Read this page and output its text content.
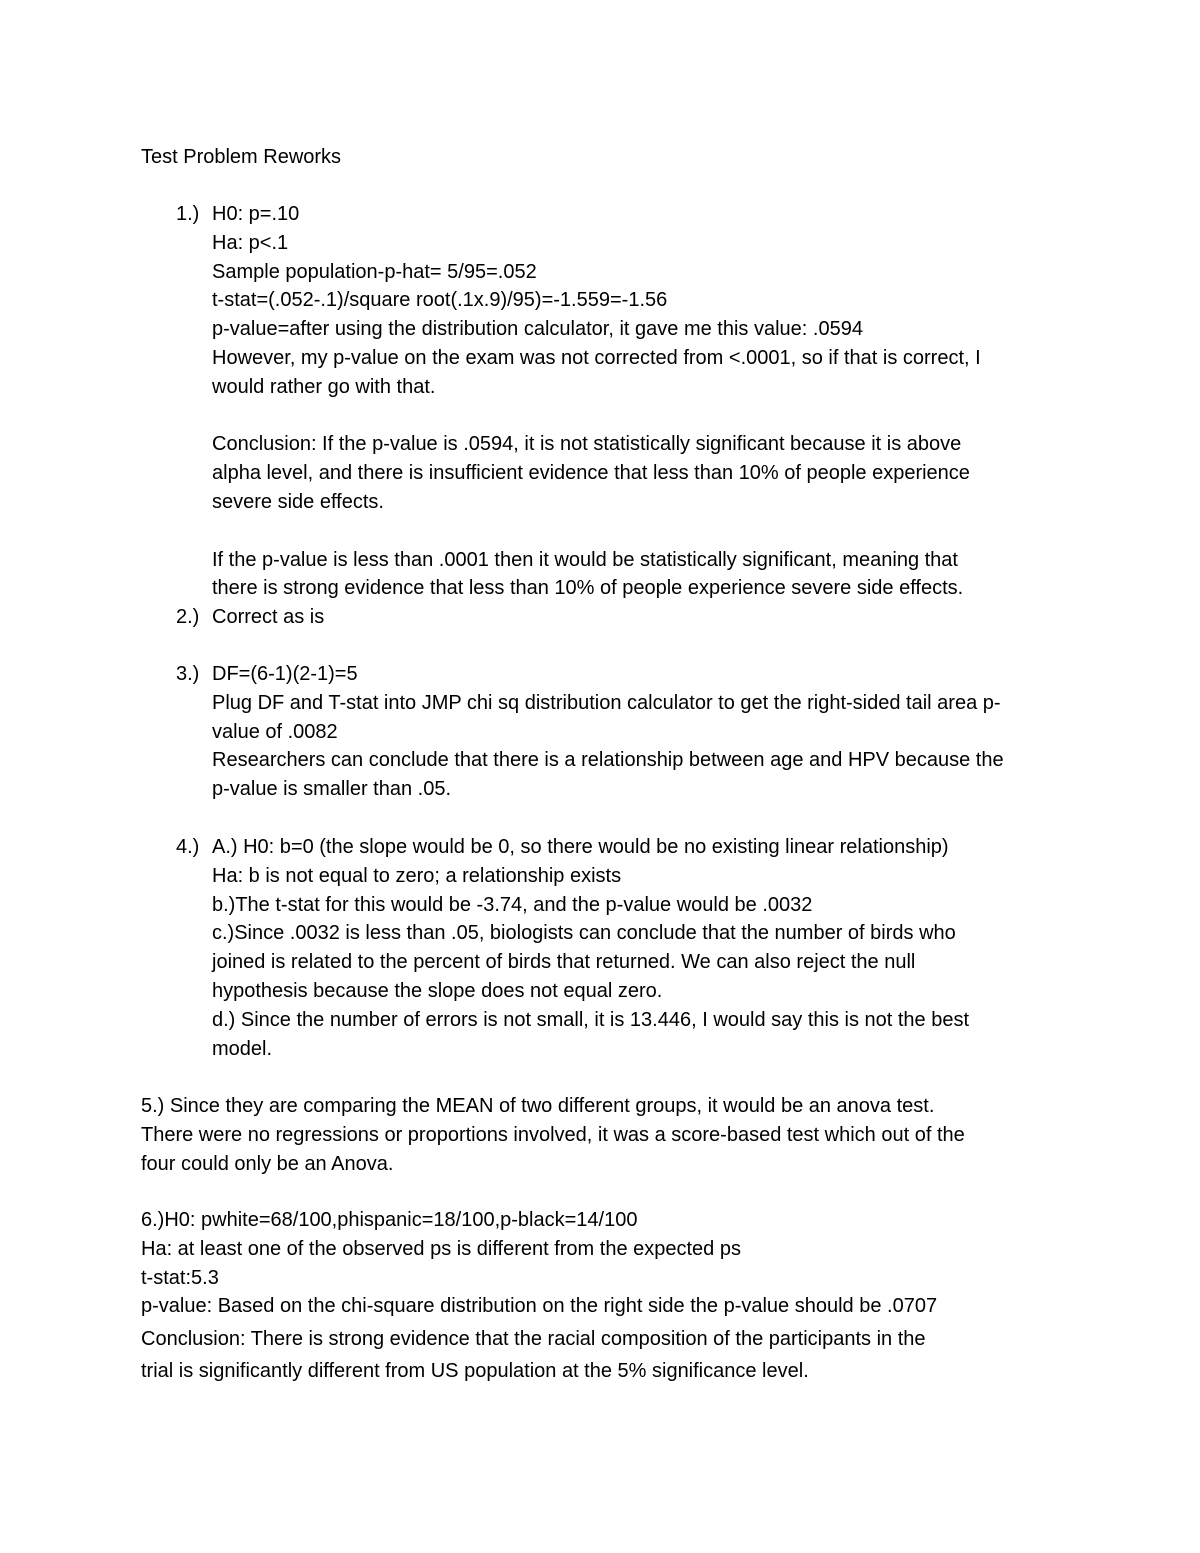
Test Problem Reworks
1.) H0: p=.10
Ha: p<.1
Sample population-p-hat= 5/95=.052
t-stat=(.052-.1)/square root(.1x.9)/95)=-1.559=-1.56
p-value=after using the distribution calculator, it gave me this value: .0594
However, my p-value on the exam was not corrected from <.0001, so if that is correct, I
would rather go with that.
Conclusion: If the p-value is .0594, it is not statistically significant because it is above
alpha level, and there is insufficient evidence that less than 10% of people experience
severe side effects.
If the p-value is less than .0001 then it would be statistically significant, meaning that
there is strong evidence that less than 10% of people experience severe side effects.
2.) Correct as is
3.) DF=(6-1)(2-1)=5
Plug DF and T-stat into JMP chi sq distribution calculator to get the right-sided tail area p-
value of .0082
Researchers can conclude that there is a relationship between age and HPV because the
p-value is smaller than .05.
4.) A.) H0: b=0 (the slope would be 0, so there would be no existing linear relationship)
Ha: b is not equal to zero; a relationship exists
b.)The t-stat for this would be -3.74, and the p-value would be .0032
c.)Since .0032 is less than .05, biologists can conclude that the number of birds who
joined is related to the percent of birds that returned. We can also reject the null
hypothesis because the slope does not equal zero.
d.) Since the number of errors is not small, it is 13.446, I would say this is not the best
model.
5.) Since they are comparing the MEAN of two different groups, it would be an anova test.
There were no regressions or proportions involved, it was a score-based test which out of the
four could only be an Anova.
6.)H0: pwhite=68/100,phispanic=18/100,p-black=14/100
Ha: at least one of the observed ps is different from the expected ps
t-stat:5.3
p-value: Based on the chi-square distribution on the right side the p-value should be .0707
Conclusion: There is strong evidence that the racial composition of the participants in the
trial is significantly different from US population at the 5% significance level.
